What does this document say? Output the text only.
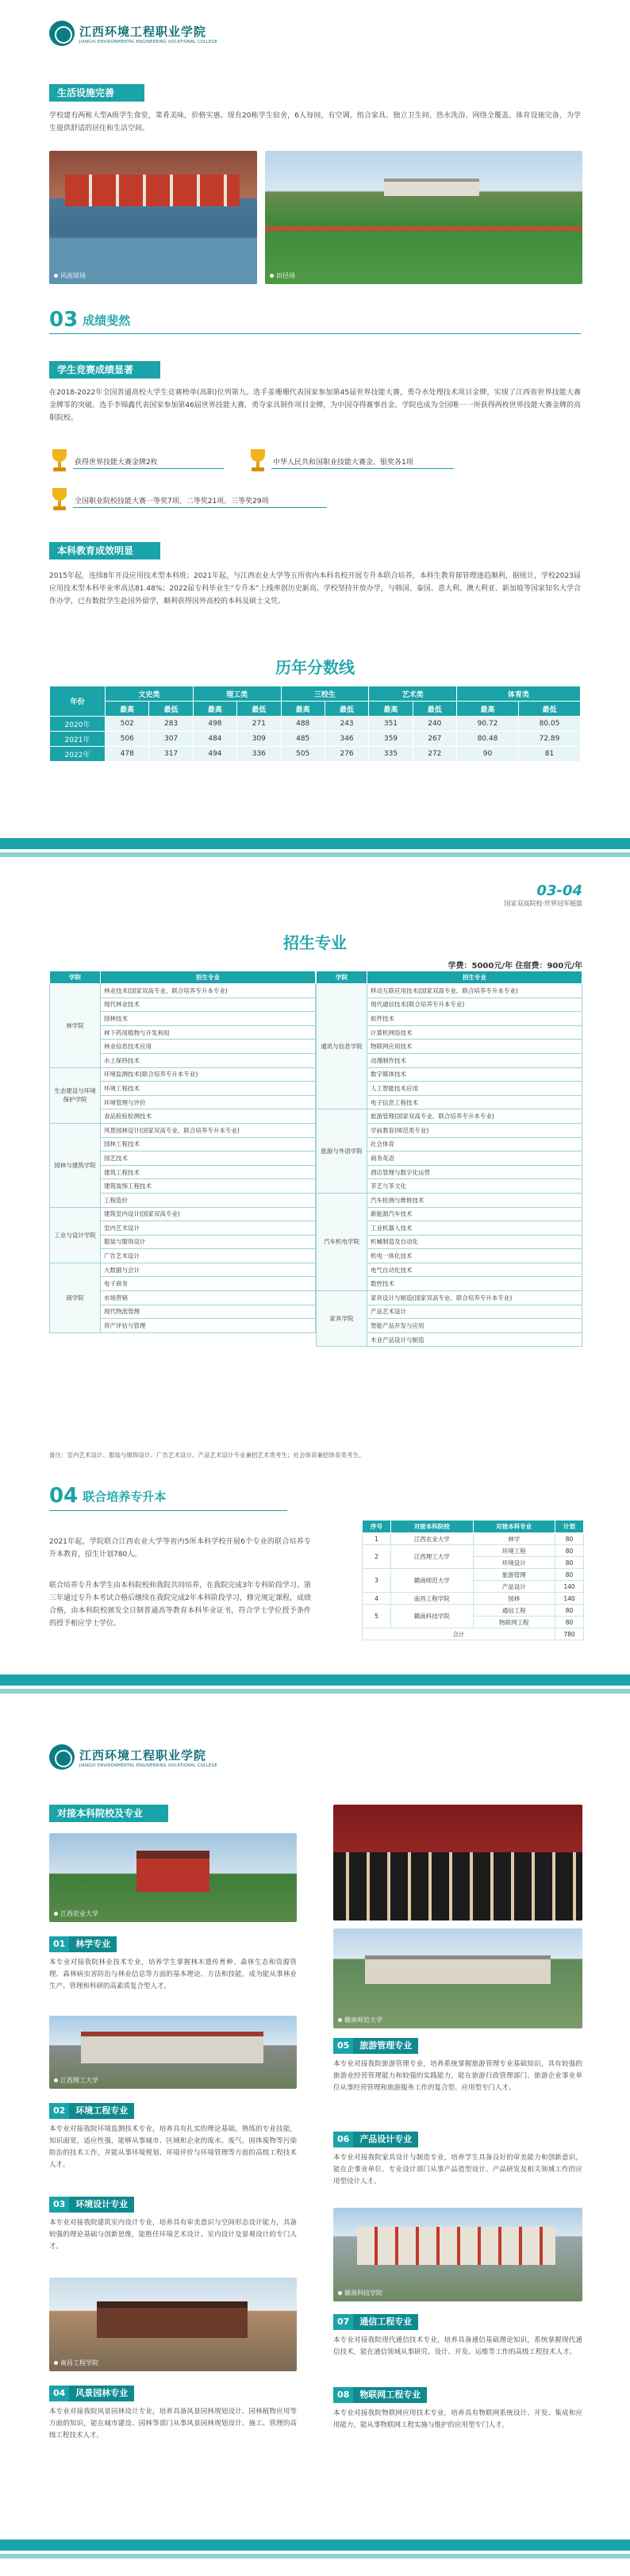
江西环境工程职业学院
JIANGXI ENVIRONMENTAL ENGINEERING VOCATIONAL COLLEGE
生活设施完善
学校建有两栋大型A级学生食堂，菜肴美味，价格实惠。现有20栋学生宿舍，6人每间，有空调、组合家具、独立卫生间、热水洗浴、网络全覆盖。体育设施完备，为学生提供舒适的居住和生活空间。
风雨球场	田径场
03 成绩斐然
学生竞赛成绩显著
在2018-2022年全国普通高校大学生竞赛榜单(高职)位列第九。选手姜珊珊代表国家参加第45届世界技能大赛，勇夺水处理技术项目金牌，实现了江西省世界技能大赛金牌零的突破。选手李锦鑫代表国家参加第46届世界技能大赛，勇夺家具制作项目金牌，为中国夺得赛事首金。学院也成为全国唯一一所获得两枚世界技能大赛金牌的高职院校。
获得世界技能大赛金牌2枚	中华人民共和国职业技能大赛金、银奖各1项
全国职业院校技能大赛一等奖7项、二等奖21项、三等奖29项
本科教育成效明显
2015年起，连续8年开设应用技术型本科班；2021年起，与江西农业大学等五所省内本科名校开展专升本联合培养，本科生教育郁管理逐趋顺利，据统计，学校2023届应用技术型本科毕业率高达81.48%；2022届专科毕业生“专升本”上线率创历史新高。学校坚持开放办学，与韩国、泰国、意大利、澳大利亚、新加坡等国家知名大学合作办学，已有数批学生赴国外留学，顺利获得国外高校的本科及硕士文凭。
历年分数线
年份	文史类		理工类		三校生		艺术类		体育类	
	最高	最低	最高	最低	最高	最低	最高	最低	最高	最低
2020年	502	283	498	271	488	243	351	240	90.72	80.05
2021年	506	307	484	309	485	346	359	267	80.48	72.89
2022年	478	317	494	336	505	276	335	272	90	81
03-04
国家双高院校·世界冠军摇篮
招生专业
学费：5000元/年 住宿费：900元/年
学院	招生专业
林学院	林业技术(国家双高专业、联合培养专升本专业)
	现代林业技术
	园林技术
	林下药用植物与开发利用
	林业信息技术应用
	水土保持技术
生态建设与环境保护学院	环境监测技术(联合培养专升本专业)
	环境工程技术
	环境管理与评价
	食品检验检测技术
园林与建筑学院	风景园林设计(国家双高专业、联合培养专升本专业)
	园林工程技术
	园艺技术
	建筑工程技术
	建筑装饰工程技术
	工程造价
工业与设计学院	建筑室内设计(国家双高专业)
	室内艺术设计
	服装与服饰设计
	广告艺术设计
商学院	大数据与会计
	电子商务
	市场营销
	现代物流管理
	资产评估与管理
学院	招生专业
通讯与信息学院	移动互联应用技术(国家双高专业、联合培养专升本专业)
	现代通信技术(联合培养专升本专业)
	软件技术
	计算机网络技术
	物联网应用技术
	动漫制作技术
	数字媒体技术
	人工智能技术应用
	电子信息工程技术
旅游与外语学院	旅游管理(国家双高专业、联合培养专升本专业)
	学前教育(师范类专业)
	社会体育
	商务英语
	酒店管理与数字化运营
	茶艺与茶文化
汽车机电学院	汽车检测与维修技术
	新能源汽车技术
	工业机器人技术
	机械制造及自动化
	机电一体化技术
	电气自动化技术
	数控技术
家具学院	家具设计与制造(国家双高专业、联合培养专升本专业)
	产品艺术设计
	智能产品开发与应用
	木业产品设计与制造
备注：室内艺术设计、服装与服饰设计、广告艺术设计、产品艺术设计专业兼招艺术类考生；社会体育兼招体育类考生。
04 联合培养专升本
2021年起，学院联合江西农业大学等省内5所本科学校开展6个专业的联合培养专升本教育，招生计划780人。
联合培养专升本学生由本科院校和我院共同培养，在我院完成3年专科阶段学习。第三年通过专升本考试合格后继续在我院完成2年本科阶段学习，修完规定课程，成绩合格，由本科院校颁发全日制普通高等教育本科毕业证书，符合学士学位授予条件的授予相应学士学位。
序号	对接本科院校	对接本科专业	计划
1	江西农业大学	林学	80
2	江西理工大学	环境工程	80
		环境设计	80
3	赣南师范大学	旅游管理	80
		产品设计	140
4	南昌工程学院	园林	140
5	赣南科技学院	通信工程	80
		物联网工程	80
合计			780
江西环境工程职业学院
JIANGXI ENVIRONMENTAL ENGINEERING VOCATIONAL COLLEGE
对接本科院校及专业
江西农业大学
01	林学专业
本专业对接我院林业技术专业，培养学生掌握林木遗传育种、森林生态和资源管理、森林病虫害防治与林业信息等方面的基本理论、方法和技能，成为能从事林业生产、管理和科研的高素质复合型人才。
江西理工大学
02	环境工程专业
本专业对接我院环境监测技术专业，培养具有扎实的理论基础，熟练的专业技能，知识面宽，适应性强，能够从事城市、区域和企业的废水、废气、固体废物等污染防治的技术工作，并能从事环境规划、环境评价与环境管理等方面的高级工程技术人才。
03	环境设计专业
本专业对接我院建筑室内设计专业，培养具有审美意识与空间形态设计能力，具备较强的理论基础与创新思维，能胜任环境艺术设计、室内设计及景观设计的专门人才。
南昌工程学院
04	风景园林专业
本专业对接我院风景园林设计专业，培养具备风景园林规划设计、园林植物应用等方面的知识，能在城市建设、园林等部门从事风景园林规划设计、施工、管理的高级工程技术人才。
赣南师范大学
05	旅游管理专业
本专业对接我院旅游管理专业，培养系统掌握旅游管理专业基础知识，具有较强的旅游业经营管理能力和较强的实践能力，能在旅游行政管理部门、旅游企业事业单位从事经营管理和旅游服务工作的复合型、应用型专门人才。
06	产品设计专业
本专业对接我院家具设计与制造专业，培养学生具备良好的审美能力和创新意识，能在企事业单位、专业设计部门从事产品造型设计、产品研发及相关领域工作的应用型设计人才。
赣南科技学院
07	通信工程专业
本专业对接我院现代通信技术专业，培养具备通信基础理论知识，系统掌握现代通信技术，能在通信领域从事研究、设计、开发、运维等工作的高级工程技术人才。
08	物联网工程专业
本专业对接我院物联网应用技术专业，培养具有物联网系统设计、开发、集成和应用能力，能从事物联网工程实施与维护的应用型专门人才。
